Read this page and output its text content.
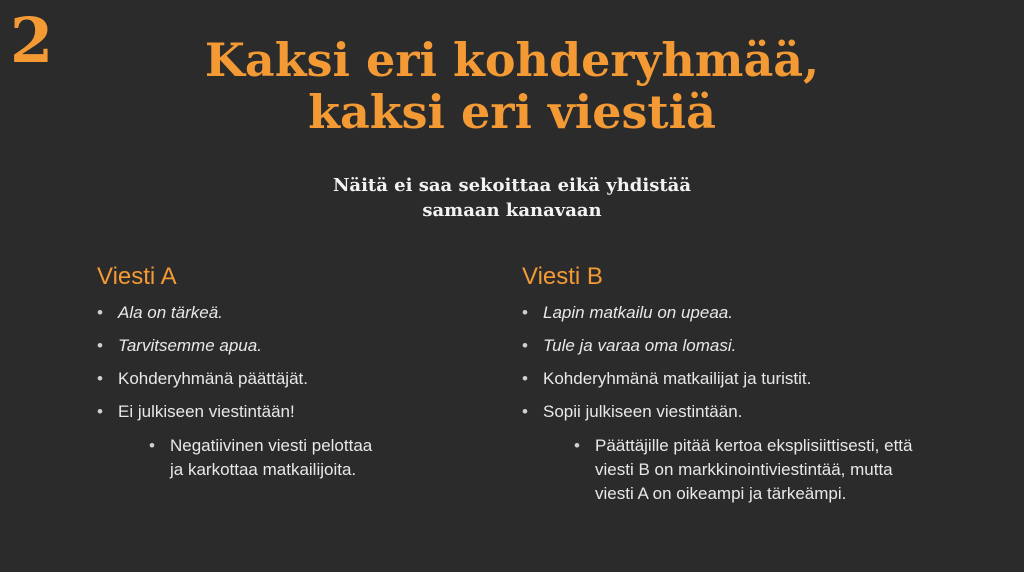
2	Kaksi eri kohderyhmää,
kaksi eri viestiä
Näitä ei saa sekoittaa eikä yhdistää
samaan kanavaan
Viesti A
• Ala on tärkeä.
• Tarvitsemme apua.
• Kohderyhmänä päättäjät.
• Ei julkiseen viestintään!
• Negatiivinen viesti pelottaa
ja karkottaa matkailijoita.
Viesti B
• Lapin matkailu on upeaa.
• Tule ja varaa oma lomasi.
• Kohderyhmänä matkailijat ja turistit.
• Sopii julkiseen viestintään.
• Päättäjille pitää kertoa eksplisiittisesti, että
viesti B on markkinointiviestintää, mutta
viesti A on oikeampi ja tärkeämpi.
